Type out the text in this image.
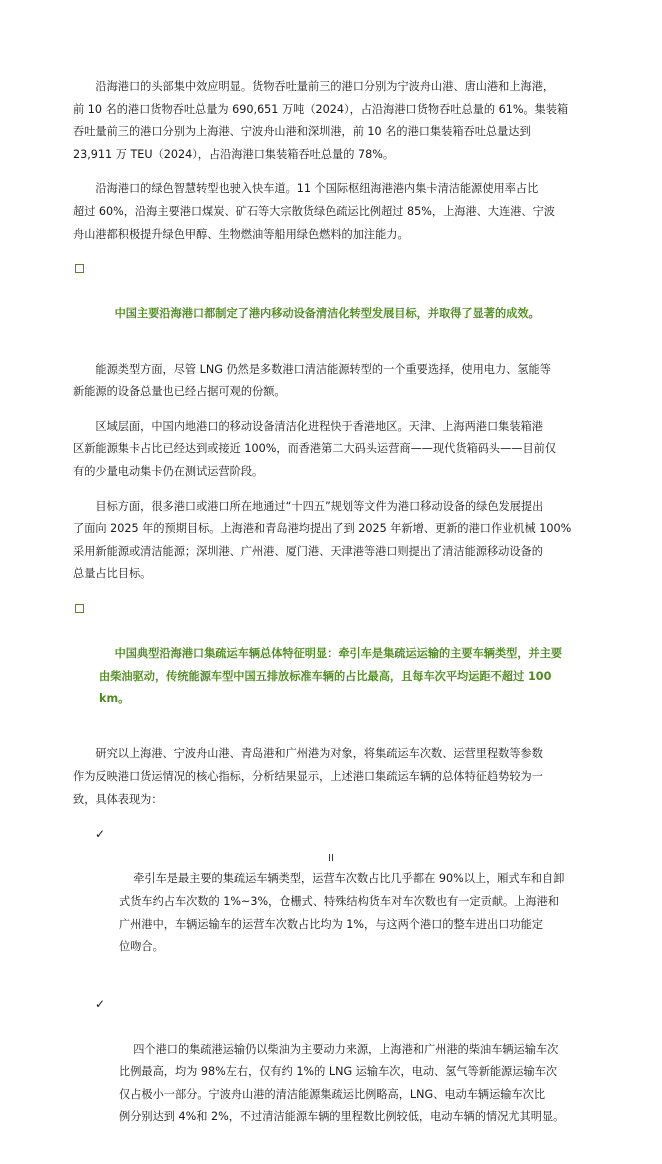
沿海港口的头部集中效应明显。货物吞吐量前三的港口分别为宁波舟山港、唐山港和上海港，
前 10 名的港口货物吞吐总量为 690,651 万吨（2024），占沿海港口货物吞吐总量的 61%。集装箱
吞吐量前三的港口分别为上海港、宁波舟山港和深圳港，前 10 名的港口集装箱吞吐总量达到
23,911 万 TEU（2024），占沿海港口集装箱吞吐总量的 78%。

沿海港口的绿色智慧转型也驶入快车道。11 个国际枢纽海港港内集卡清洁能源使用率占比
超过 60%，沿海主要港口煤炭、矿石等大宗散货绿色疏运比例超过 85%，上海港、大连港、宁波
舟山港都积极提升绿色甲醇、生物燃油等船用绿色燃料的加注能力。

中国主要沿海港口都制定了港内移动设备清洁化转型发展目标，并取得了显著的成效。

能源类型方面，尽管 LNG 仍然是多数港口清洁能源转型的一个重要选择，使用电力、氢能等
新能源的设备总量也已经占据可观的份额。

区域层面，中国内地港口的移动设备清洁化进程快于香港地区。天津、上海两港口集装箱港
区新能源集卡占比已经达到或接近 100%，而香港第二大码头运营商——现代货箱码头——目前仅
有的少量电动集卡仍在测试运营阶段。

目标方面，很多港口或港口所在地通过“十四五”规划等文件为港口移动设备的绿色发展提出
了面向 2025 年的预期目标。上海港和青岛港均提出了到 2025 年新增、更新的港口作业机械 100%
采用新能源或清洁能源；深圳港、广州港、厦门港、天津港等港口则提出了清洁能源移动设备的
总量占比目标。

中国典型沿海港口集疏运车辆总体特征明显：牵引车是集疏运运输的主要车辆类型，并主要
由柴油驱动，传统能源车型中国五排放标准车辆的占比最高，且每车次平均运距不超过 100
km。

研究以上海港、宁波舟山港、青岛港和广州港为对象，将集疏运车次数、运营里程数等参数
作为反映港口货运情况的核心指标，分析结果显示，上述港口集疏运车辆的总体特征趋势较为一
致，具体表现为：

✓

牵引车是最主要的集疏运车辆类型，运营车次数占比几乎都在 90%以上，厢式车和自卸
式货车约占车次数的 1%~3%，仓栅式、特殊结构货车对车次数也有一定贡献。上海港和
广州港中，车辆运输车的运营车次数占比均为 1%，与这两个港口的整车进出口功能定
位吻合。

✓

四个港口的集疏港运输仍以柴油为主要动力来源，上海港和广州港的柴油车辆运输车次
比例最高，均为 98%左右，仅有约 1%的 LNG 运输车次，电动、氢气等新能源运输车次
仅占极小一部分。宁波舟山港的清洁能源集疏运比例略高，LNG、电动车辆运输车次比
例分别达到 4%和 2%，不过清洁能源车辆的里程数比例较低，电动车辆的情况尤其明显。

II
